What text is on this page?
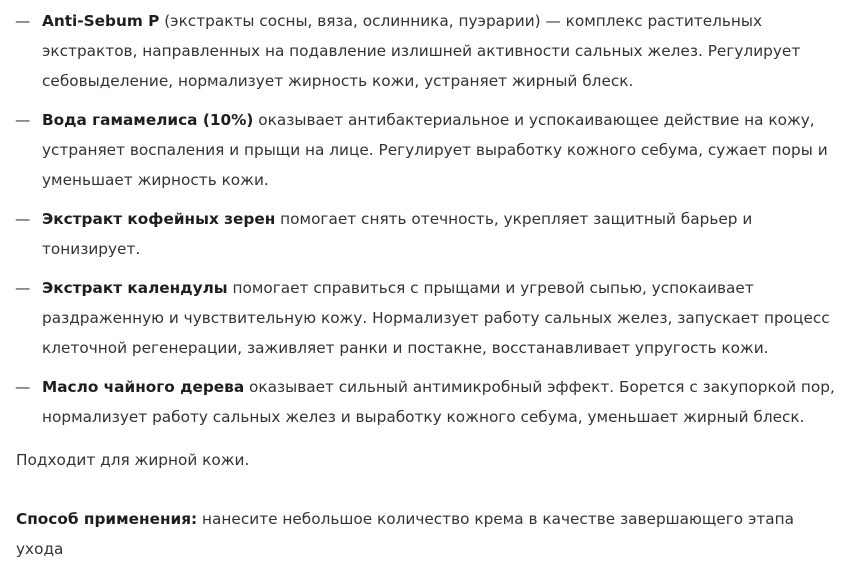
— Anti-Sebum P (экстракты сосны, вяза, ослинника, пуэрарии) — комплекс растительных экстрактов, направленных на подавление излишней активности сальных желез. Регулирует себовыделение, нормализует жирность кожи, устраняет жирный блеск.
— Вода гамамелиса (10%) оказывает антибактериальное и успокаивающее действие на кожу, устраняет воспаления и прыщи на лице. Регулирует выработку кожного себума, сужает поры и уменьшает жирность кожи.
— Экстракт кофейных зерен помогает снять отечность, укрепляет защитный барьер и тонизирует.
— Экстракт календулы помогает справиться с прыщами и угревой сыпью, успокаивает раздраженную и чувствительную кожу. Нормализует работу сальных желез, запускает процесс клеточной регенерации, заживляет ранки и постакне, восстанавливает упругость кожи.
— Масло чайного дерева оказывает сильный антимикробный эффект. Борется с закупоркой пор, нормализует работу сальных желез и выработку кожного себума, уменьшает жирный блеск.

Подходит для жирной кожи.

Способ применения: нанесите небольшое количество крема в качестве завершающего этапа ухода
